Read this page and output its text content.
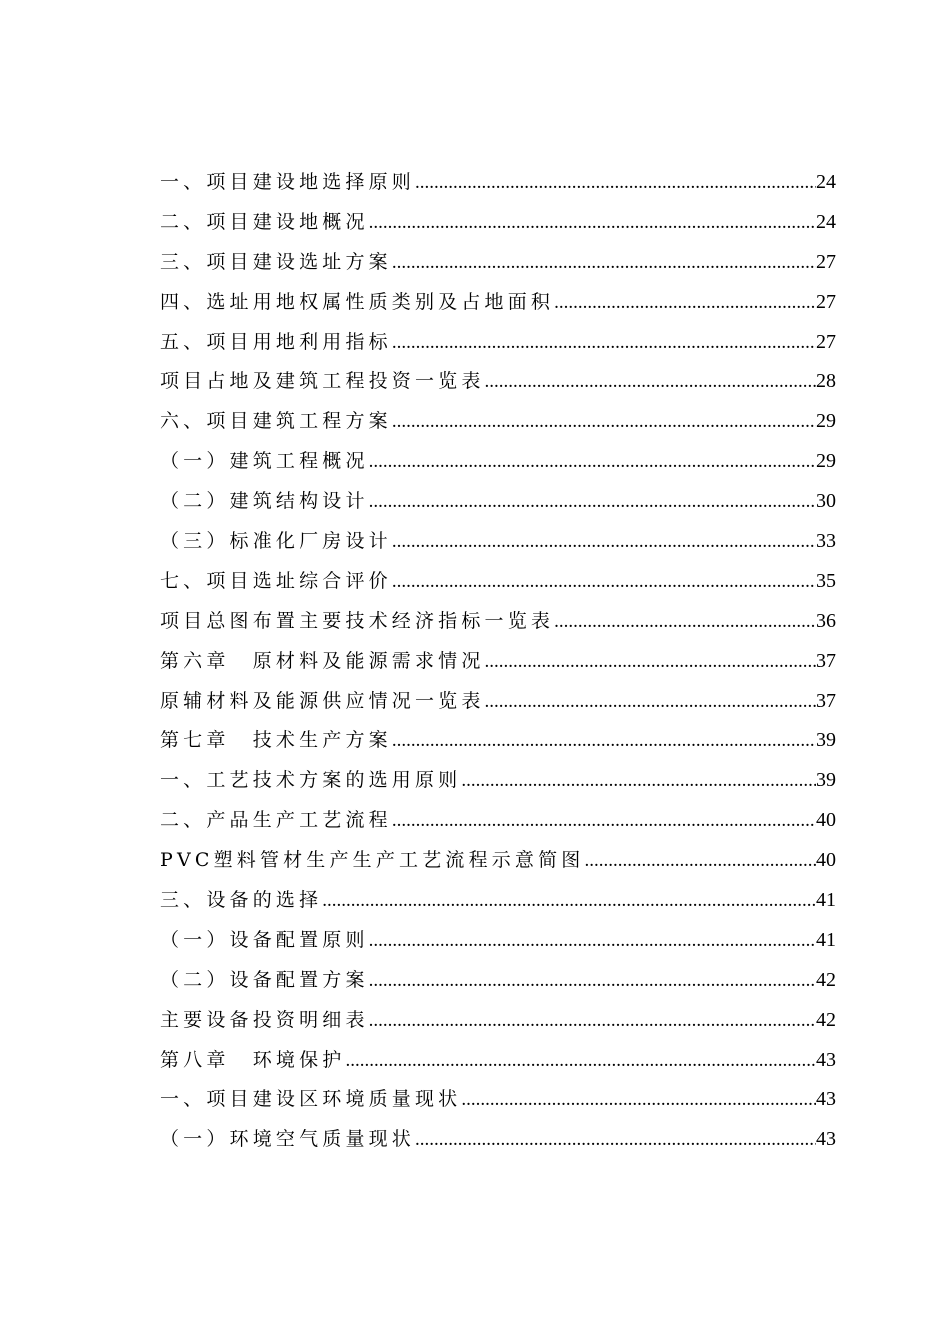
一、项目建设地选择原则 .....	24
二、项目建设地概况 .....	24
三、项目建设选址方案 .....	27
四、选址用地权属性质类别及占地面积 .....	27
五、项目用地利用指标 .....	27
项目占地及建筑工程投资一览表 .....	28
六、项目建筑工程方案 .....	29
（一）建筑工程概况 .....	29
（二）建筑结构设计 .....	30
（三）标准化厂房设计 .....	33
七、项目选址综合评价 .....	35
项目总图布置主要技术经济指标一览表 .....	36
第六章　原材料及能源需求情况 .....	37
原辅材料及能源供应情况一览表 .....	37
第七章　技术生产方案 .....	39
一、工艺技术方案的选用原则 .....	39
二、产品生产工艺流程 .....	40
PVC塑料管材生产生产工艺流程示意简图 .....	40
三、设备的选择 .....	41
（一）设备配置原则 .....	41
（二）设备配置方案 .....	42
主要设备投资明细表 .....	42
第八章　环境保护 .....	43
一、项目建设区环境质量现状 .....	43
（一）环境空气质量现状 .....	43
